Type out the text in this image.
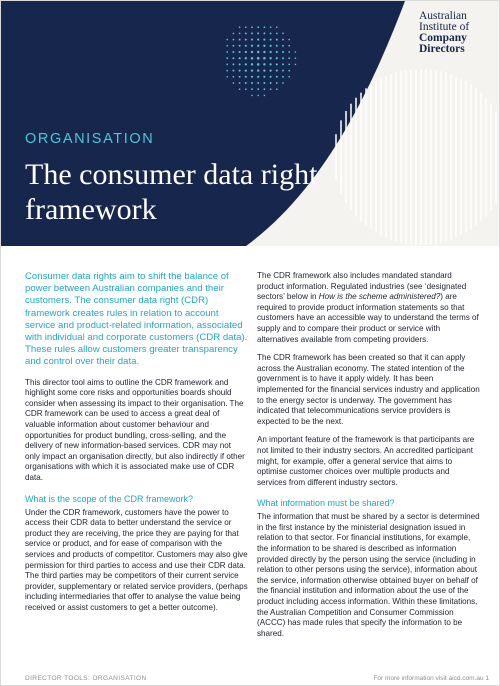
Australian
Institute of
Company Directors
ORGANISATION
The consumer data right framework

Consumer data rights aim to shift the balance of power between Australian companies and their customers. The consumer data right (CDR) framework creates rules in relation to account service and product-related information, associated with individual and corporate customers (CDR data). These rules allow customers greater transparency and control over their data.

This director tool aims to outline the CDR framework and highlight some core risks and opportunities boards should consider when assessing its impact to their organisation. The CDR framework can be used to access a great deal of valuable information about customer behaviour and opportunities for product bundling, cross-selling, and the delivery of new information-based services. CDR may not only impact an organisation directly, but also indirectly if other organisations with which it is associated make use of CDR data.

What is the scope of the CDR framework?

Under the CDR framework, customers have the power to access their CDR data to better understand the service or product they are receiving, the price they are paying for that service or product, and for ease of comparison with the services and products of competitor. Customers may also give permission for third parties to access and use their CDR data. The third parties may be competitors of their current service provider, supplementary or related service providers, (perhaps including intermediaries that offer to analyse the value being received or assist customers to get a better outcome).

The CDR framework also includes mandated standard product information. Regulated industries (see ‘designated sectors’ below in How is the scheme administered?) are required to provide product information statements so that customers have an accessible way to understand the terms of supply and to compare their product or service with alternatives available from competing providers.

The CDR framework has been created so that it can apply across the Australian economy. The stated intention of the government is to have it apply widely. It has been implemented for the financial services industry and application to the energy sector is underway. The government has indicated that telecommunications service providers is expected to be the next.

An important feature of the framework is that participants are not limited to their industry sectors. An accredited participant might, for example, offer a general service that aims to optimise customer choices over multiple products and services from different industry sectors.

What information must be shared?

The information that must be shared by a sector is determined in the first instance by the ministerial designation issued in relation to that sector. For financial institutions, for example, the information to be shared is described as information provided directly by the person using the service (including in relation to other persons using the service), information about the service, information otherwise obtained buyer on behalf of the financial institution and information about the use of the product including access information. Within these limitations, the Australian Competition and Consumer Commission (ACCC) has made rules that specify the information to be shared.

DIRECTOR TOOLS: ORGANISATION	For more information visit aicd.com.au 1
